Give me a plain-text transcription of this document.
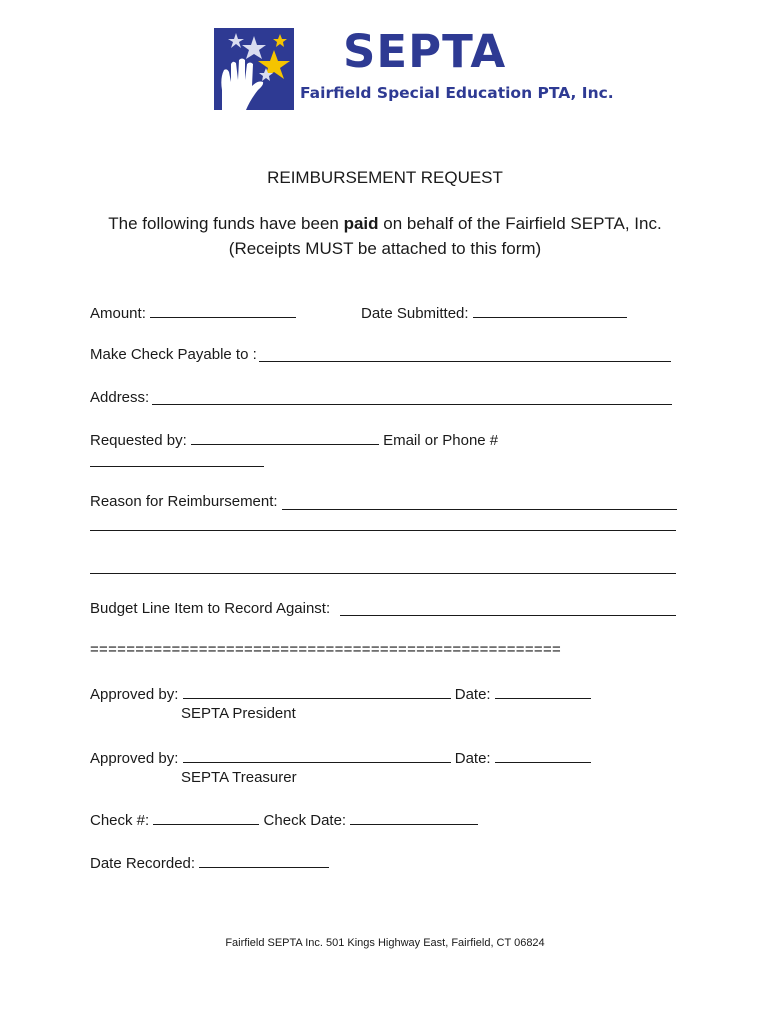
SEPTA
Fairfield Special Education PTA, Inc.
REIMBURSEMENT REQUEST
The following funds have been paid on behalf of the Fairfield SEPTA, Inc.
(Receipts MUST be attached to this form)
Amount:	Date Submitted:
Make Check Payable to :
Address:
Requested by:	Email or Phone #
Reason for Reimbursement:
Budget Line Item to Record Against:
====================================================
Approved by:	Date:
SEPTA President
Approved by:	Date:
SEPTA Treasurer
Check #:	Check Date:
Date Recorded:
Fairfield SEPTA Inc. 501 Kings Highway East, Fairfield, CT 06824
